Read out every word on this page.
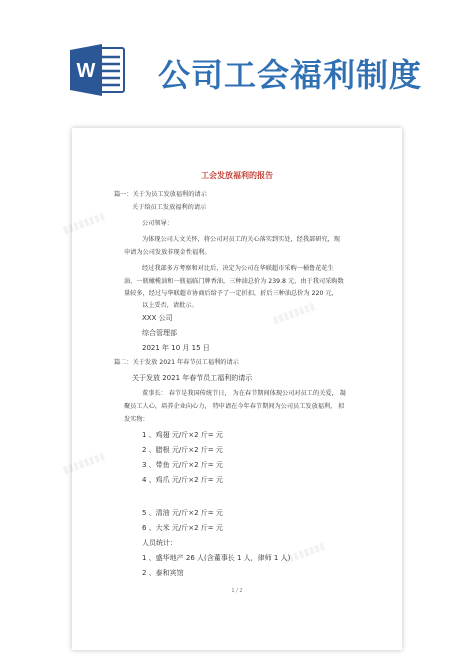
W 公司工会福利制度
▮▮▮▮▮▮▮▮
▮▮▮▮▮▮▮▮
▮▮▮▮▮▮▮▮
▮▮▮▮▮▮▮▮
工会发放福利的报告
篇一：关于为员工发放福利的请示
关于给员工发放福利的请示
公司领导：
为体现公司人文关怀，将公司对员工的关心落实到实处，经我部研究，现
申请为公司发放非现金性福利。
经过我部多方考察和对比后，决定为公司在华联超市采购一桶鲁花花生
油、一瓶橄榄油和一瓶福临门牌香油，三种油总价为 239.8 元，由于我司采购数
量较多，经过与华联超市协商后给予了一定折扣，折后三种油总价为 220 元，
以上妥否，请批示。
XXX 公司
综合管理部
2021 年 10 月 15 日
篇二：关于发放 2021 年春节员工福利的请示
关于发放 2021 年春节员工福利的请示
董事长： 春节是我国传统节日， 为在春节期间体现公司对员工的关爱， 凝
聚员工人心，培养企业向心力， 特申请在今年春节期间为公司员工发放福利， 拟
发实物：
1 、鸡翅 元/斤×2 斤= 元
2 、腊根 元/斤×2 斤= 元
3 、带鱼 元/斤×2 斤= 元
4 、鸡爪 元/斤×2 斤= 元
5 、清油 元/斤×2 斤= 元
6 、大米 元/斤×2 斤= 元
人员统计：
1 、盛华地产 26 人(含董事长 1 人，律师 1 人)
2 、泰和宾馆
1 / 2
